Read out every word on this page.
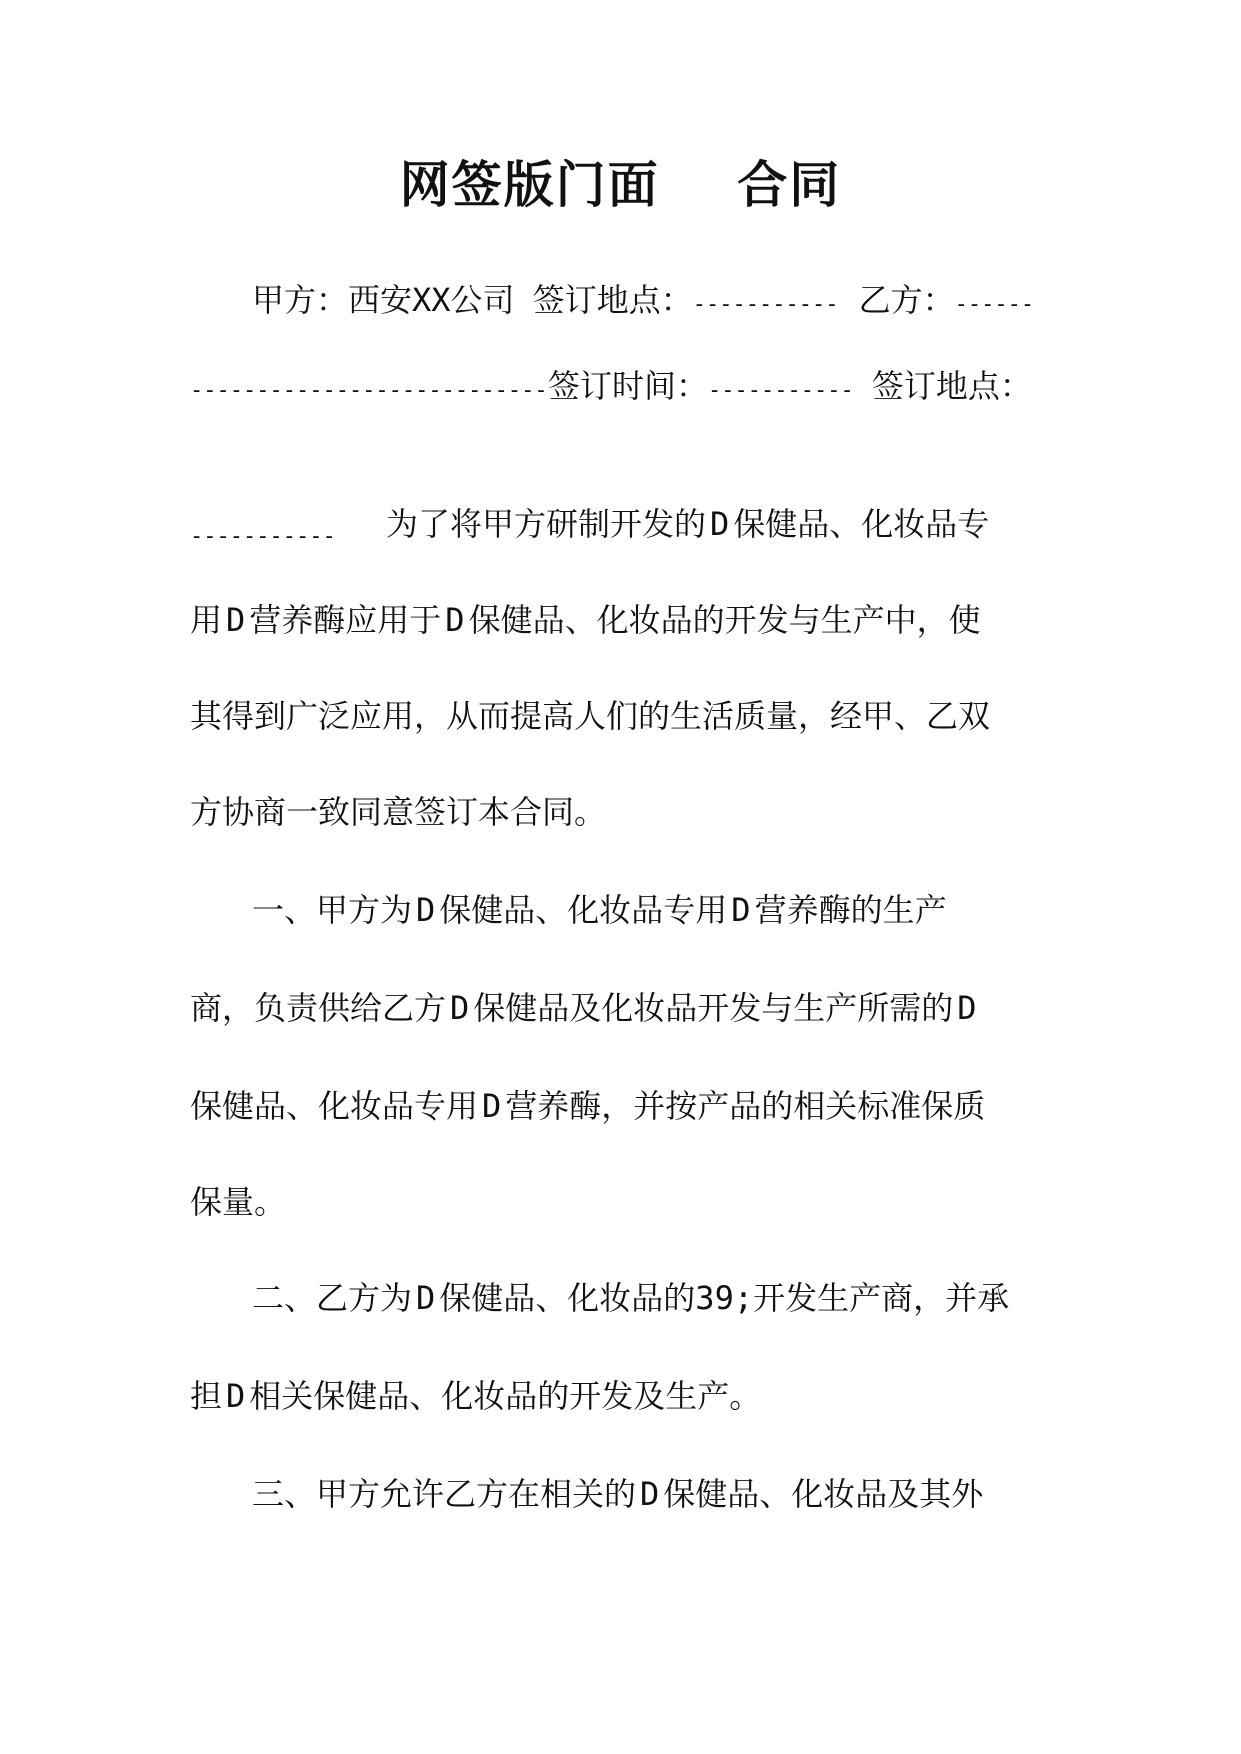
网签版门面    合同
甲方：西安XX公司 签订地点：----------- 乙方：------
--------------------------- 签订时间：----------- 签订地点：
----------- 为了将甲方研制开发的 D 保健品、化妆品专
用 D 营养酶应用于 D 保健品、化妆品的开发与生产中，使
其得到广泛应用，从而提高人们的生活质量，经甲、乙双
方协商一致同意签订本合同。
一、甲方为 D 保健品、化妆品专用 D 营养酶的生产
商，负责供给乙方 D 保健品及化妆品开发与生产所需的 D
保健品、化妆品专用 D 营养酶，并按产品的相关标准保质
保量。
二、乙方为 D 保健品、化妆品的39;开发生产商，并承
担 D 相关保健品、化妆品的开发及生产。
三、甲方允许乙方在相关的 D 保健品、化妆品及其外
